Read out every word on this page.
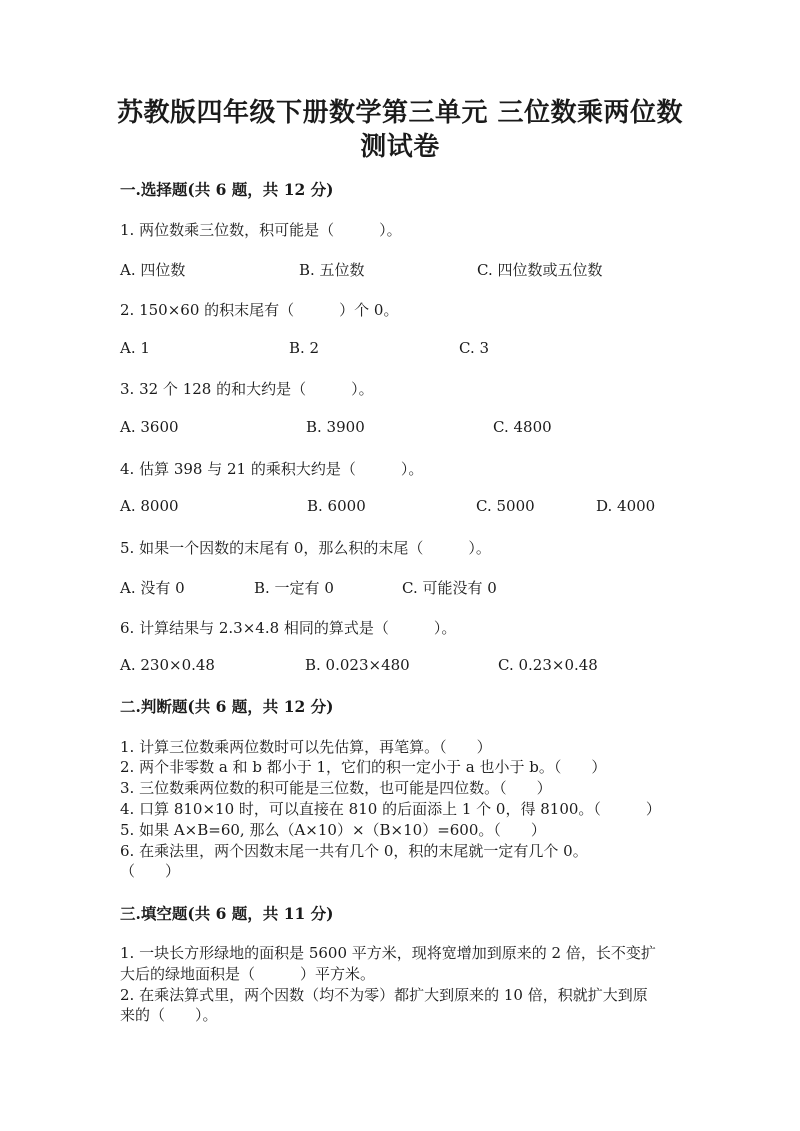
苏教版四年级下册数学第三单元 三位数乘两位数
测试卷
一.选择题(共 6 题，共 12 分)
1. 两位数乘三位数，积可能是（　　　）。
A. 四位数	B. 五位数	C. 四位数或五位数
2. 150×60 的积末尾有（　　　）个 0。
A. 1	B. 2	C. 3
3. 32 个 128 的和大约是（　　　）。
A. 3600	B. 3900	C. 4800
4. 估算 398 与 21 的乘积大约是（　　　）。
A. 8000	B. 6000	C. 5000	D. 4000
5. 如果一个因数的末尾有 0，那么积的末尾（　　　）。
A. 没有 0	B. 一定有 0	C. 可能没有 0
6. 计算结果与 2.3×4.8 相同的算式是（　　　）。
A. 230×0.48	B. 0.023×480	C. 0.23×0.48
二.判断题(共 6 题，共 12 分)
1. 计算三位数乘两位数时可以先估算，再笔算。（　　）
2. 两个非零数 a 和 b 都小于 1，它们的积一定小于 a 也小于 b。（　　）
3. 三位数乘两位数的积可能是三位数，也可能是四位数。（　　）
4. 口算 810×10 时，可以直接在 810 的后面添上 1 个 0，得 8100。（　　　）
5. 如果 A×B=60, 那么（A×10）×（B×10）=600。（　　）
6. 在乘法里，两个因数末尾一共有几个 0，积的末尾就一定有几个 0。
（　　）
三.填空题(共 6 题，共 11 分)
1. 一块长方形绿地的面积是 5600 平方米，现将宽增加到原来的 2 倍，长不变扩
大后的绿地面积是（　　　）平方米。
2. 在乘法算式里，两个因数（均不为零）都扩大到原来的 10 倍，积就扩大到原
来的（　　）。
